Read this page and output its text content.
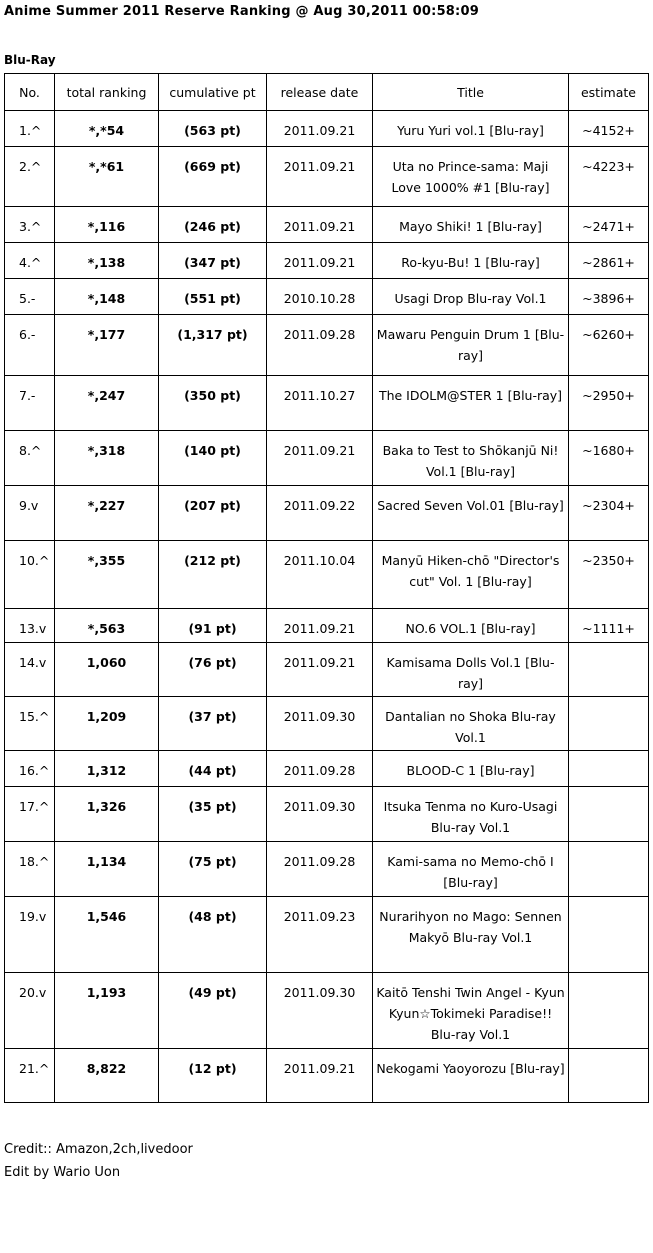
Anime Summer 2011 Reserve Ranking @ Aug 30,2011 00:58:09
Blu-Ray
No.	total ranking	cumulative pt	release date	Title	estimate
1.^	*,*54	(563 pt)	2011.09.21	Yuru Yuri vol.1 [Blu-ray]	~4152+
2.^	*,*61	(669 pt)	2011.09.21	Uta no Prince-sama: Maji Love 1000% #1 [Blu-ray]	~4223+
3.^	*,116	(246 pt)	2011.09.21	Mayo Shiki! 1 [Blu-ray]	~2471+
4.^	*,138	(347 pt)	2011.09.21	Ro-kyu-Bu! 1 [Blu-ray]	~2861+
5.-	*,148	(551 pt)	2010.10.28	Usagi Drop Blu-ray Vol.1	~3896+
6.-	*,177	(1,317 pt)	2011.09.28	Mawaru Penguin Drum 1 [Blu-ray]	~6260+
7.-	*,247	(350 pt)	2011.10.27	The IDOLM@STER 1 [Blu-ray]	~2950+
8.^	*,318	(140 pt)	2011.09.21	Baka to Test to Shōkanjū Ni! Vol.1 [Blu-ray]	~1680+
9.v	*,227	(207 pt)	2011.09.22	Sacred Seven Vol.01 [Blu-ray]	~2304+
10.^	*,355	(212 pt)	2011.10.04	Manyū Hiken-chō "Director's cut" Vol. 1 [Blu-ray]	~2350+
13.v	*,563	(91 pt)	2011.09.21	NO.6 VOL.1 [Blu-ray]	~1111+
14.v	1,060	(76 pt)	2011.09.21	Kamisama Dolls Vol.1 [Blu-ray]	
15.^	1,209	(37 pt)	2011.09.30	Dantalian no Shoka Blu-ray Vol.1	
16.^	1,312	(44 pt)	2011.09.28	BLOOD-C 1 [Blu-ray]	
17.^	1,326	(35 pt)	2011.09.30	Itsuka Tenma no Kuro-Usagi Blu-ray Vol.1	
18.^	1,134	(75 pt)	2011.09.28	Kami-sama no Memo-chō I [Blu-ray]	
19.v	1,546	(48 pt)	2011.09.23	Nurarihyon no Mago: Sennen Makyō Blu-ray Vol.1	
20.v	1,193	(49 pt)	2011.09.30	Kaitō Tenshi Twin Angel - Kyun Kyun☆Tokimeki Paradise!! Blu-ray Vol.1	
21.^	8,822	(12 pt)	2011.09.21	Nekogami Yaoyorozu [Blu-ray]	
Credit:: Amazon,2ch,livedoor
Edit by Wario Uon
